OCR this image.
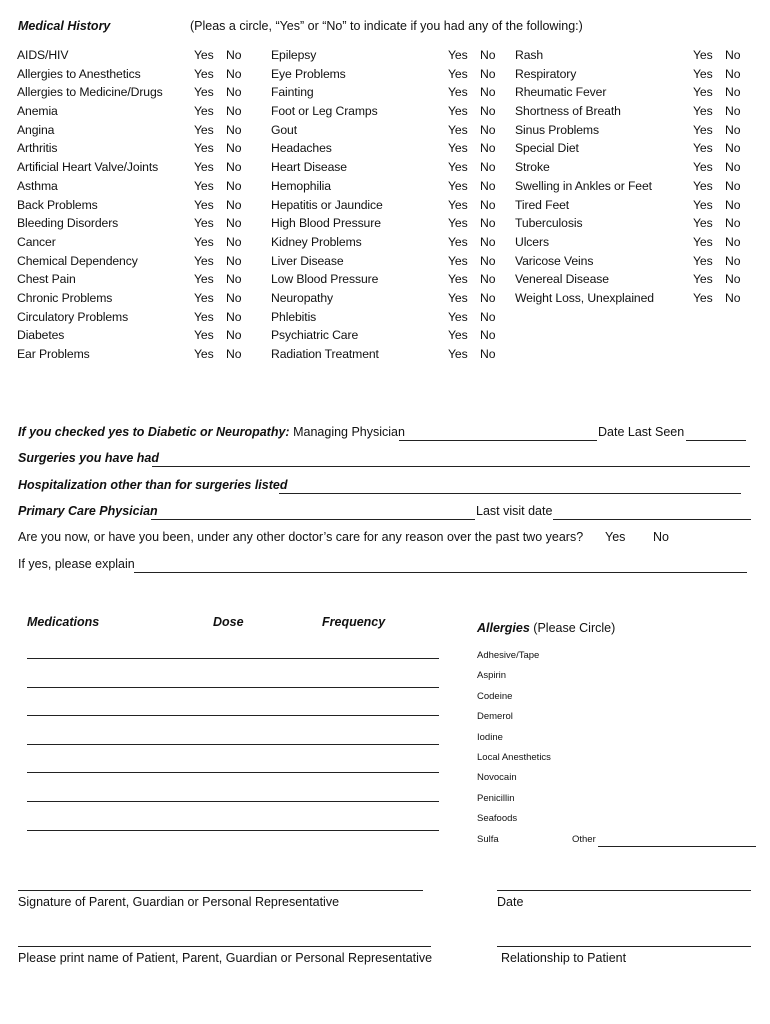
Medical History	(Pleas a circle, “Yes” or “No” to indicate if you had any of the following:)
AIDS/HIV	Yes No
Allergies to Anesthetics	Yes No
Allergies to Medicine/Drugs	Yes No
Anemia	Yes No
Angina	Yes No
Arthritis	Yes No
Artificial Heart Valve/Joints	Yes No
Asthma	Yes No
Back Problems	Yes No
Bleeding Disorders	Yes No
Cancer	Yes No
Chemical Dependency	Yes No
Chest Pain	Yes No
Chronic Problems	Yes No
Circulatory Problems	Yes No
Diabetes	Yes No
Ear Problems	Yes No
Epilepsy	Yes No
Eye Problems	Yes No
Fainting	Yes No
Foot or Leg Cramps	Yes No
Gout	Yes No
Headaches	Yes No
Heart Disease	Yes No
Hemophilia	Yes No
Hepatitis or Jaundice	Yes No
High Blood Pressure	Yes No
Kidney Problems	Yes No
Liver Disease	Yes No
Low Blood Pressure	Yes No
Neuropathy	Yes No
Phlebitis	Yes No
Psychiatric Care	Yes No
Radiation Treatment	Yes No
Rash	Yes No
Respiratory	Yes No
Rheumatic Fever	Yes No
Shortness of Breath	Yes No
Sinus Problems	Yes No
Special Diet	Yes No
Stroke	Yes No
Swelling in Ankles or Feet	Yes No
Tired Feet	Yes No
Tuberculosis	Yes No
Ulcers	Yes No
Varicose Veins	Yes No
Venereal Disease	Yes No
Weight Loss, Unexplained	Yes No
If you checked yes to Diabetic or Neuropathy: Managing Physician	Date Last Seen
Surgeries you have had
Hospitalization other than for surgeries listed
Primary Care Physician	Last visit date
Are you now, or have you been, under any other doctor’s care for any reason over the past two years? Yes No
If yes, please explain
Medications	Dose	Frequency	Allergies (Please Circle)
Adhesive/Tape
Aspirin
Codeine
Demerol
Iodine
Local Anesthetics
Novocain
Penicillin
Seafoods
Sulfa	Other
Signature of Parent, Guardian or Personal Representative	Date
Please print name of Patient, Parent, Guardian or Personal Representative	Relationship to Patient
